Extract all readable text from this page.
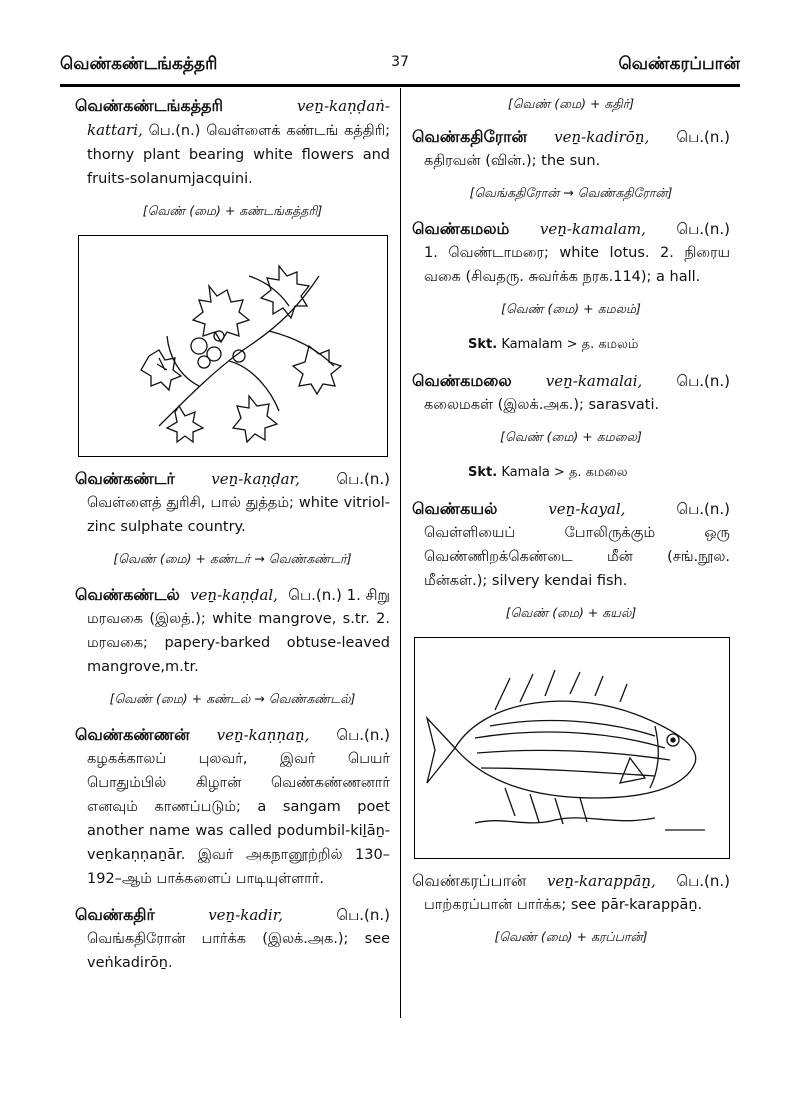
வெண்கண்டங்கத்தரி	37	வெண்கரப்பான்
வெண்கண்டங்கத்தரி	veṉ-kaṇḍaṅ-
kattari, பெ.(n.) வெள்ளைக் கண்டங் கத்திரி; thorny plant bearing white flowers and fruits-solanumjacquini.
[வெண் (மை) + கண்டங்கத்தரி]
வெண்கண்டர் veṉ-kaṇḍar, பெ.(n.)
வெள்ளைத் துரிசி, பால் துத்தம்; white vitriol-zinc sulphate country.
[வெண் (மை) + கண்டர் → வெண்கண்டர்]
வெண்கண்டல் veṉ-kaṇḍal, பெ.(n.) 1. சிறு
மரவகை (இலத்.); white mangrove, s.tr. 2. மரவகை; papery-barked obtuse-leaved mangrove,m.tr.
[வெண் (மை) + கண்டல் → வெண்கண்டல்]
வெண்கண்ணன் veṉ-kaṇṇaṉ, பெ.(n.)
கழகக்காலப் புலவர், இவர் பெயர் பொதும்பில் கிழான் வெண்கண்ணனார் எனவும் காணப்படும்; a sangam poet another name was called podumbil-kiḻāṉ-veṉkaṇṇaṉār. இவர் அகநானூற்றில் 130–192–ஆம் பாக்களைப் பாடியுள்ளார்.
வெண்கதிர்	veṉ-kadir,	பெ.(n.)
வெங்கதிரோன் பார்க்க (இலக்.அக.); see veṅkadirōṉ.
[வெண் (மை) + கதிர்]
வெண்கதிரோன் veṉ-kadirōṉ, பெ.(n.)
கதிரவன் (வின்.); the sun.
[வெங்கதிரோன் → வெண்கதிரோன்]
வெண்கமலம் veṉ-kamalam, பெ.(n.)
1. வெண்டாமரை; white lotus. 2. நிரைய வகை (சிவதரு. சுவர்க்க நரக.114); a hall.
[வெண் (மை) + கமலம்]
Skt. Kamalam > த. கமலம்
வெண்கமலை veṉ-kamalai, பெ.(n.)
கலைமகள் (இலக்.அக.); sarasvati.
[வெண் (மை) + கமலை]
Skt. Kamala > த. கமலை
வெண்கயல்	veṉ-kayal,	பெ.(n.)
வெள்ளியைப் போலிருக்கும் ஒரு வெண்ணிறக்கெண்டை மீன் (சங்.நூல. மீன்கள்.); silvery kendai fish.
[வெண் (மை) + கயல்]
வெண்கரப்பான் veṉ-karappāṉ, பெ.(n.)
பாற்கரப்பான் பார்க்க; see pār-karappāṉ.
[வெண் (மை) + கரப்பான்]
